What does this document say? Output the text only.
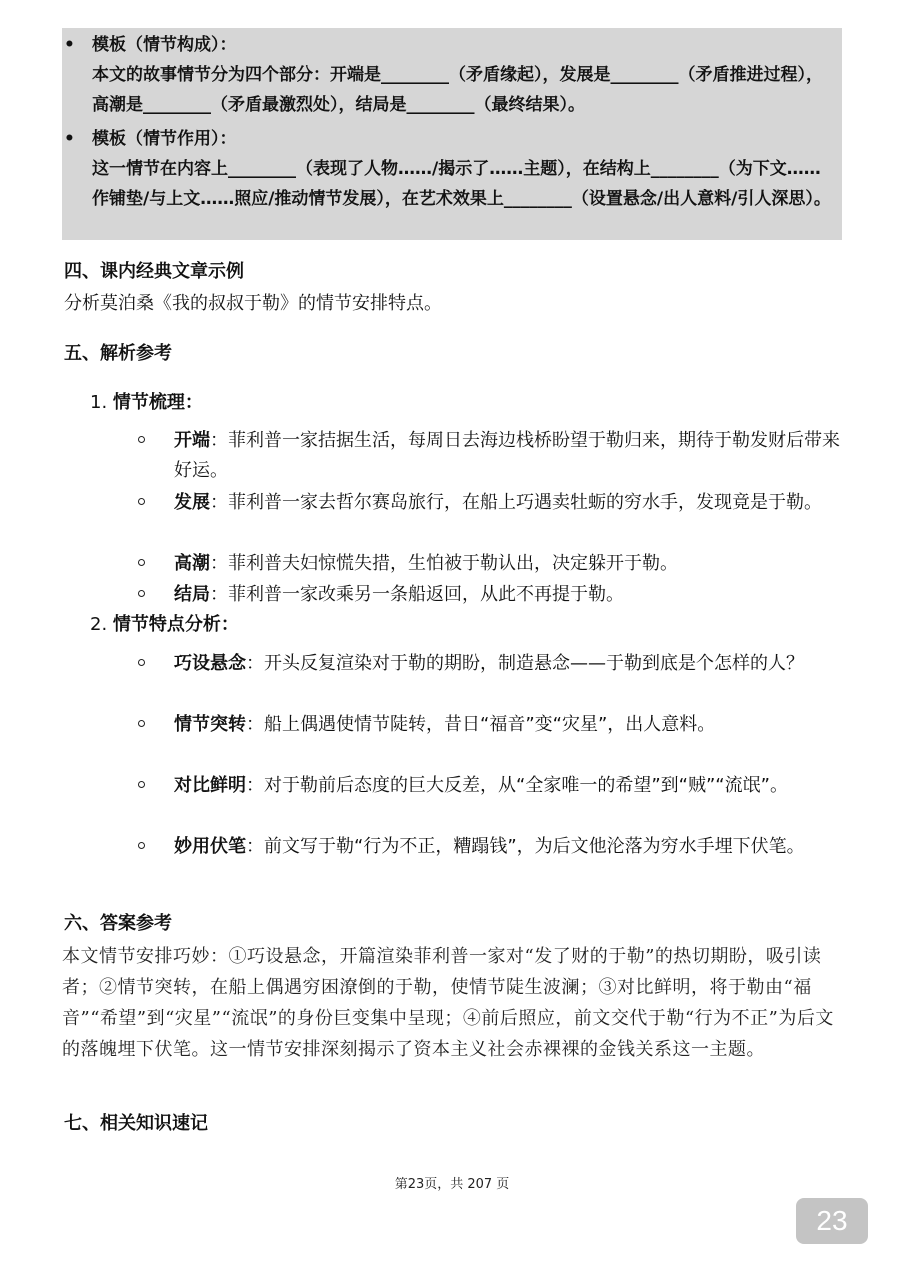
• 模板（情节构成）：
本文的故事情节分为四个部分：开端是________（矛盾缘起），发展是________（矛盾推进过程），高潮是________（矛盾最激烈处），结局是________（最终结果）。
• 模板（情节作用）：
这一情节在内容上________（表现了人物……/揭示了……主题），在结构上________（为下文……作铺垫/与上文……照应/推动情节发展），在艺术效果上________（设置悬念/出人意料/引人深思）。
四、课内经典文章示例
分析莫泊桑《我的叔叔于勒》的情节安排特点。
五、解析参考
1. 情节梳理：
开端：菲利普一家拮据生活，每周日去海边栈桥盼望于勒归来，期待于勒发财后带来好运。
发展：菲利普一家去哲尔赛岛旅行，在船上巧遇卖牡蛎的穷水手，发现竟是于勒。
高潮：菲利普夫妇惊慌失措，生怕被于勒认出，决定躲开于勒。
结局：菲利普一家改乘另一条船返回，从此不再提于勒。
2. 情节特点分析：
巧设悬念：开头反复渲染对于勒的期盼，制造悬念——于勒到底是个怎样的人？
情节突转：船上偶遇使情节陡转，昔日“福音”变“灾星”，出人意料。
对比鲜明：对于勒前后态度的巨大反差，从“全家唯一的希望”到“贼”“流氓”。
妙用伏笔：前文写于勒“行为不正，糟蹋钱”，为后文他沦落为穷水手埋下伏笔。
六、答案参考
本文情节安排巧妙：①巧设悬念，开篇渲染菲利普一家对“发了财的于勒”的热切期盼，吸引读者；②情节突转，在船上偶遇穷困潦倒的于勒，使情节陡生波澜；③对比鲜明，将于勒由“福音”“希望”到“灾星”“流氓”的身份巨变集中呈现；④前后照应，前文交代于勒“行为不正”为后文的落魄埋下伏笔。这一情节安排深刻揭示了资本主义社会赤裸裸的金钱关系这一主题。
七、相关知识速记
第23页，共 207 页
23
